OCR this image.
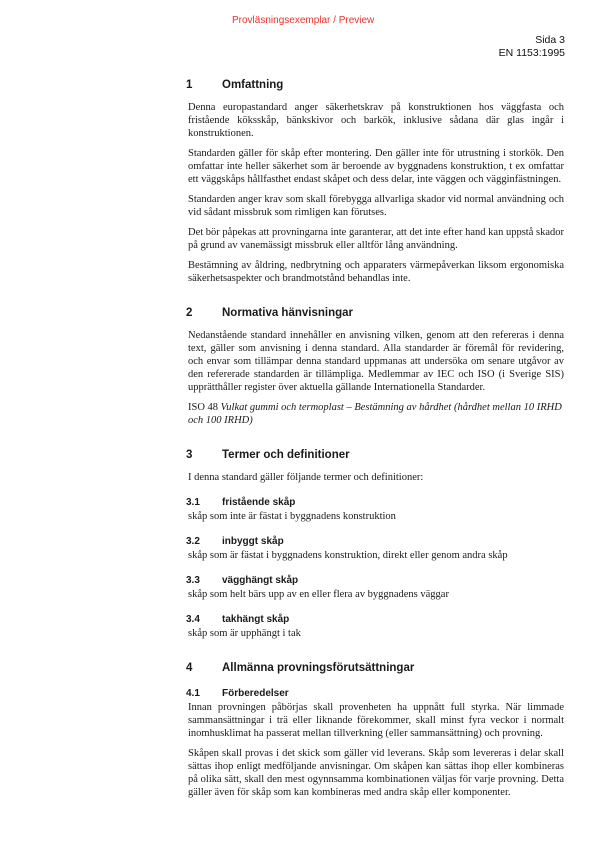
Provläsningsexemplar / Preview
Sida 3
EN 1153:1995
1	Omfattning

Denna europastandard anger säkerhetskrav på konstruktionen hos väggfasta och fristående köksskåp, bänkskivor och barkök, inklusive sådana där glas ingår i konstruktionen.

Standarden gäller för skåp efter montering. Den gäller inte för utrustning i storkök. Den omfattar inte heller säkerhet som är beroende av byggnadens konstruktion, t ex omfattar ett väggskåps hållfasthet endast skåpet och dess delar, inte väggen och vägginfästningen.

Standarden anger krav som skall förebygga allvarliga skador vid normal användning och vid sådant missbruk som rimligen kan förutses.

Det bör påpekas att provningarna inte garanterar, att det inte efter hand kan uppstå skador på grund av vanemässigt missbruk eller alltför lång användning.

Bestämning av åldring, nedbrytning och apparaters värmepåverkan liksom ergonomiska säkerhetsaspekter och brandmotstånd behandlas inte.

2	Normativa hänvisningar

Nedanstående standard innehåller en anvisning vilken, genom att den refereras i denna text, gäller som anvisning i denna standard. Alla standarder är föremål för revidering, och envar som tillämpar denna standard uppmanas att undersöka om senare utgåvor av den refererade standarden är tillämpliga. Medlemmar av IEC och ISO (i Sverige SIS) upprätthåller register över aktuella gällande Internationella Standarder.

ISO 48 Vulkat gummi och termoplast – Bestämning av hårdhet (hårdhet mellan 10 IRHD och 100 IRHD)

3	Termer och definitioner

I denna standard gäller följande termer och definitioner:

3.1 fristående skåp

skåp som inte är fästat i byggnadens konstruktion

3.2 inbyggt skåp

skåp som är fästat i byggnadens konstruktion, direkt eller genom andra skåp

3.3 vägghängt skåp

skåp som helt bärs upp av en eller flera av byggnadens väggar

3.4 takhängt skåp

skåp som är upphängt i tak

4	Allmänna provningsförutsättningar
4.1 Förberedelser

Innan provningen påbörjas skall provenheten ha uppnått full styrka. När limmade sammansättningar i trä eller liknande förekommer, skall minst fyra veckor i normalt inomhusklimat ha passerat mellan tillverkning (eller sammansättning) och provning.

Skåpen skall provas i det skick som gäller vid leverans. Skåp som levereras i delar skall sättas ihop enligt medföljande anvisningar. Om skåpen kan sättas ihop eller kombineras på olika sätt, skall den mest ogynnsamma kombinationen väljas för varje provning. Detta gäller även för skåp som kan kombineras med andra skåp eller komponenter.
